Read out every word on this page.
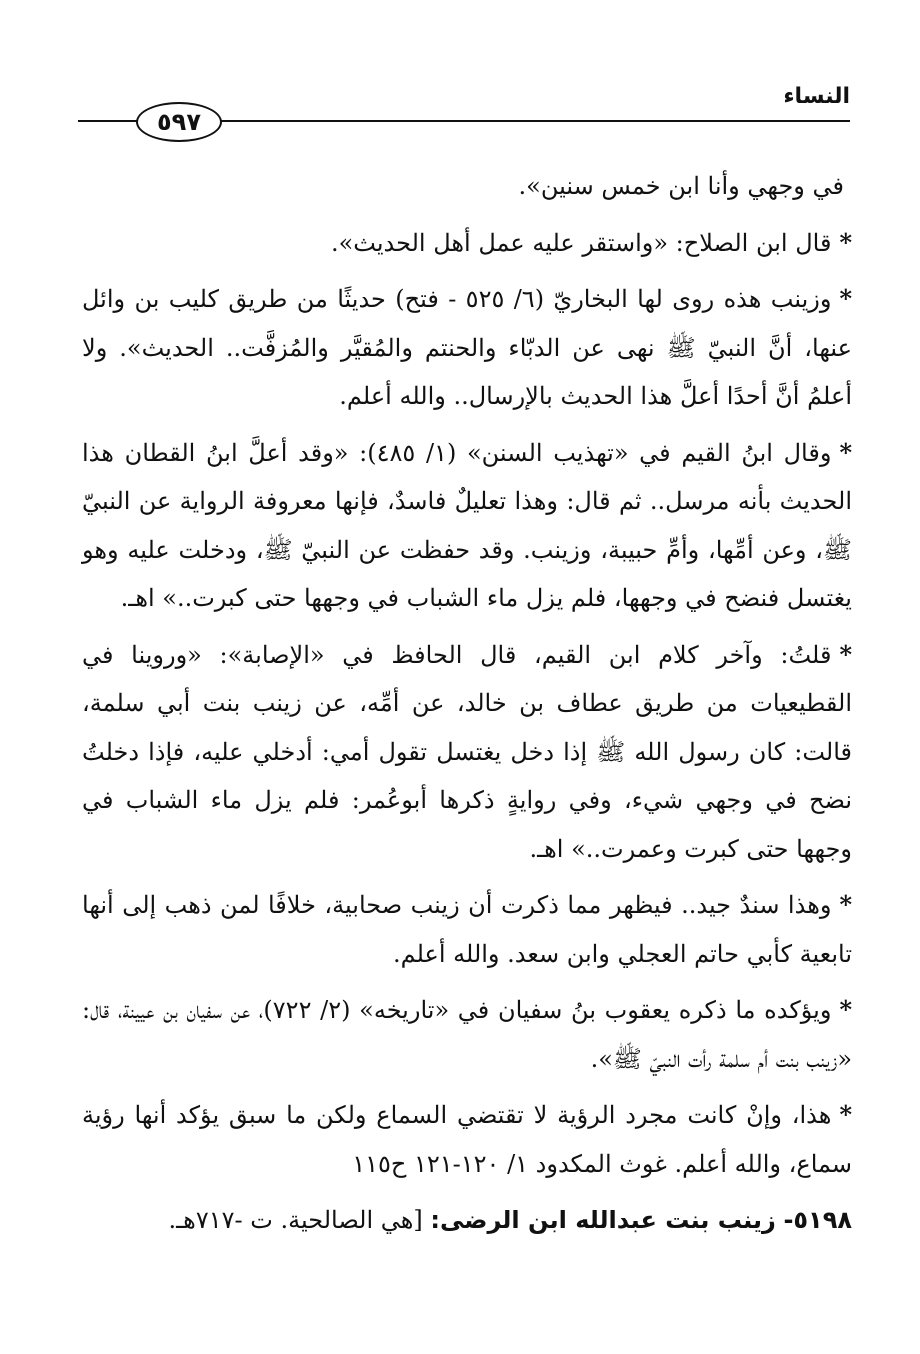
النساء
٥٩٧

في وجهي وأنا ابن خمس سنين».

*قال ابن الصلاح: «واستقر عليه عمل أهل الحديث».

*وزينب هذه روى لها البخاريّ (٦/ ٥٢٥ - فتح) حديثًا من طريق كليب بن وائل عنها، أنَّ النبيّ ﷺ نهى عن الدبّاء والحنتم والمُقيَّر والمُزفَّت.. الحديث». ولا أعلمُ أنَّ أحدًا أعلَّ هذا الحديث بالإرسال.. والله أعلم.

*وقال ابنُ القيم في «تهذيب السنن» (١/ ٤٨٥): «وقد أعلَّ ابنُ القطان هذا الحديث بأنه مرسل.. ثم قال: وهذا تعليلٌ فاسدٌ، فإنها معروفة الرواية عن النبيّ ﷺ، وعن أمِّها، وأمِّ حبيبة، وزينب. وقد حفظت عن النبيّ ﷺ، ودخلت عليه وهو يغتسل فنضح في وجهها، فلم يزل ماء الشباب في وجهها حتى كبرت..» اهـ.

*قلتُ: وآخر كلام ابن القيم، قال الحافظ في «الإصابة»: «وروينا في القطيعيات من طريق عطاف بن خالد، عن أمِّه، عن زينب بنت أبي سلمة، قالت: كان رسول الله ﷺ إذا دخل يغتسل تقول أمي: أدخلي عليه، فإذا دخلتُ نضح في وجهي شيء، وفي روايةٍ ذكرها أبوعُمر: فلم يزل ماء الشباب في وجهها حتى كبرت وعمرت..» اهـ.

*وهذا سندٌ جيد.. فيظهر مما ذكرت أن زينب صحابية، خلافًا لمن ذهب إلى أنها تابعية كأبي حاتم العجلي وابن سعد. والله أعلم.

*ويؤكده ما ذكره يعقوب بنُ سفيان في «تاريخه» (٢/ ٧٢٢)، عن سفيان بن عيينة، قال: «زينب بنت أم سلمة رأت النبيّ ﷺ».

*هذا، وإنْ كانت مجرد الرؤية لا تقتضي السماع ولكن ما سبق يؤكد أنها رؤية سماع، والله أعلم. غوث المكدود ١/ ١٢٠-١٢١ ح١١٥

٥١٩٨- زينب بنت عبدالله ابن الرضى: [هي الصالحية. ت -٧١٧هـ.
